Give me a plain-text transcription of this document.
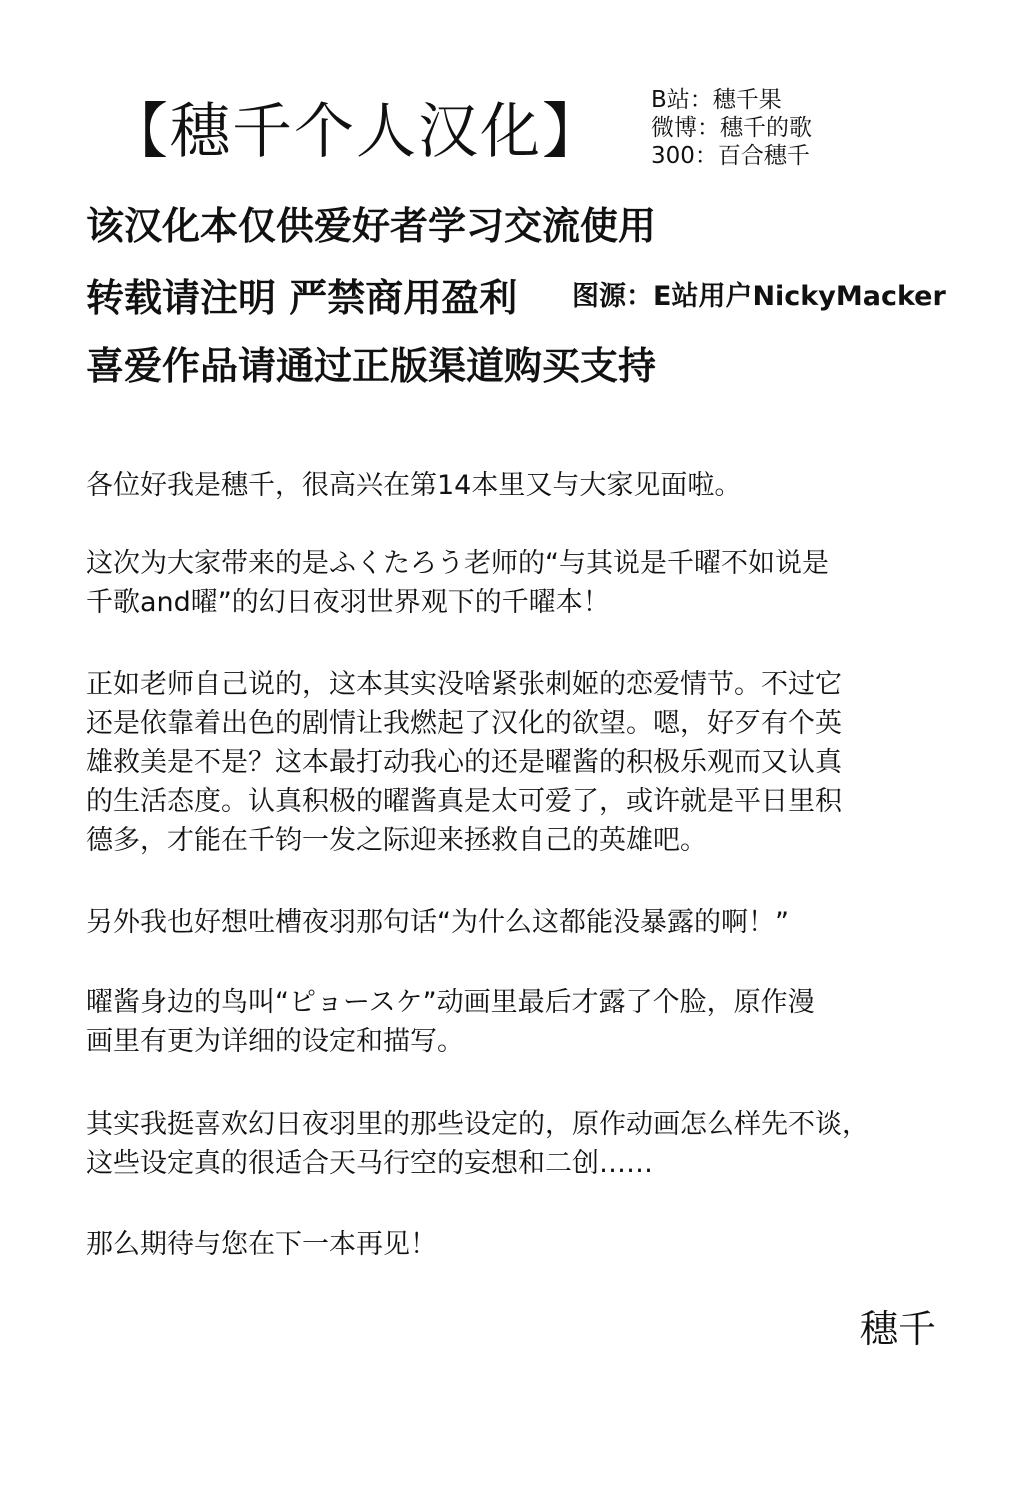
【穗千个人汉化】 B站：穗千果
微博：穗千的歌
300：百合穗千
该汉化本仅供爱好者学习交流使用
转载请注明 严禁商用盈利 图源：E站用户NickyMacker
喜爱作品请通过正版渠道购买支持

各位好我是穗千，很高兴在第14本里又与大家见面啦。

这次为大家带来的是ふくたろう老师的“与其说是千曜不如说是

千歌and曜”的幻日夜羽世界观下的千曜本！

正如老师自己说的，这本其实没啥紧张刺姬的恋爱情节。不过它

还是依靠着出色的剧情让我燃起了汉化的欲望。嗯，好歹有个英

雄救美是不是？这本最打动我心的还是曜酱的积极乐观而又认真

的生活态度。认真积极的曜酱真是太可爱了，或许就是平日里积

德多，才能在千钧一发之际迎来拯救自己的英雄吧。

另外我也好想吐槽夜羽那句话“为什么这都能没暴露的啊！”

曜酱身边的鸟叫“ピョースケ”动画里最后才露了个脸，原作漫

画里有更为详细的设定和描写。

其实我挺喜欢幻日夜羽里的那些设定的，原作动画怎么样先不谈，

这些设定真的很适合天马行空的妄想和二创……

那么期待与您在下一本再见！

穗千
